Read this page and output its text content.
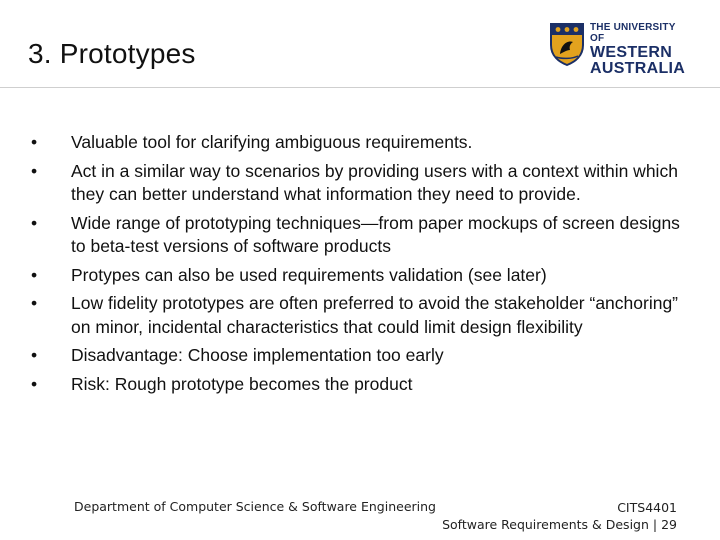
3. Prototypes
THE UNIVERSITY OF
WESTERN
AUSTRALIA
• Valuable tool for clarifying ambiguous requirements.
• Act in a similar way to scenarios by providing users with a context within which they can better understand what information they need to provide.
• Wide range of prototyping techniques—from paper mockups of screen designs to beta-test versions of software products
• Protypes can also be used requirements validation (see later)
• Low fidelity prototypes are often preferred to avoid the stakeholder “anchoring” on minor, incidental characteristics that could limit design flexibility
• Disadvantage: Choose implementation too early
• Risk: Rough prototype becomes the product
Department of Computer Science & Software Engineering	CITS4401
Software Requirements & Design | 29
